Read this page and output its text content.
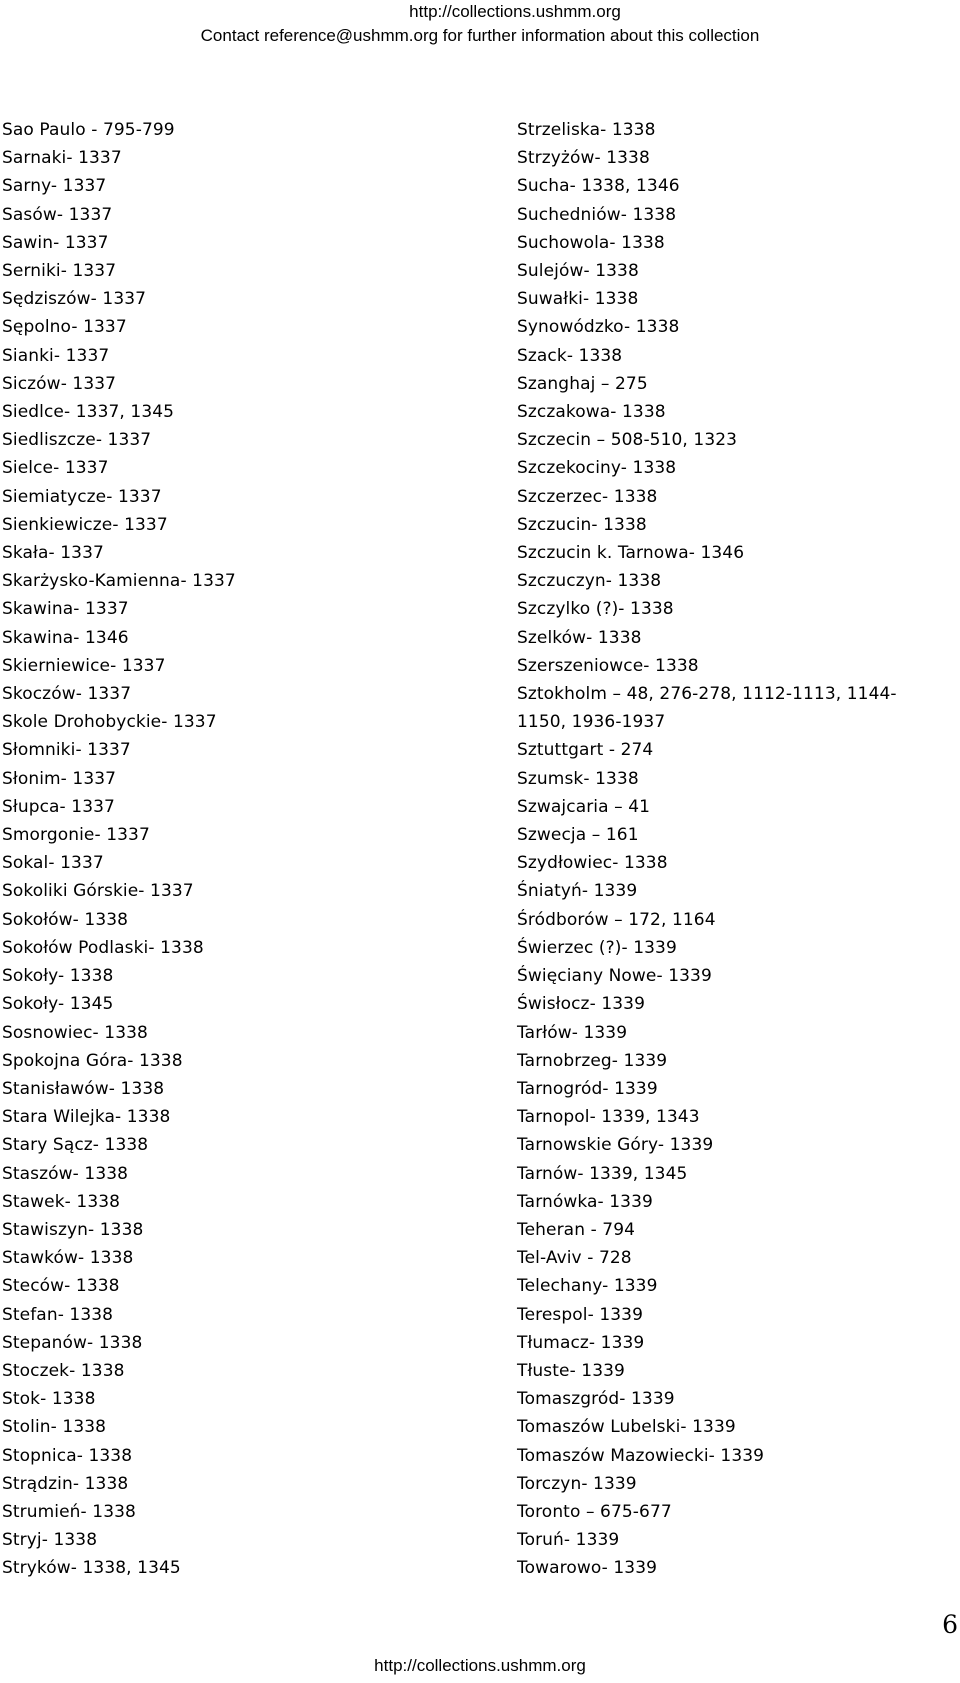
http://collections.ushmm.org
Contact reference@ushmm.org for further information about this collection
Sao Paulo - 795-799
Sarnaki- 1337
Sarny- 1337
Sasów- 1337
Sawin- 1337
Serniki- 1337
Sędziszów- 1337
Sępolno- 1337
Sianki- 1337
Siczów- 1337
Siedlce- 1337, 1345
Siedliszcze- 1337
Sielce- 1337
Siemiatycze- 1337
Sienkiewicze- 1337
Skała- 1337
Skarżysko-Kamienna- 1337
Skawina- 1337
Skawina- 1346
Skierniewice- 1337
Skoczów- 1337
Skole Drohobyckie- 1337
Słomniki- 1337
Słonim- 1337
Słupca- 1337
Smorgonie- 1337
Sokal- 1337
Sokoliki Górskie- 1337
Sokołów- 1338
Sokołów Podlaski- 1338
Sokoły- 1338
Sokoły- 1345
Sosnowiec- 1338
Spokojna Góra- 1338
Stanisławów- 1338
Stara Wilejka- 1338
Stary Sącz- 1338
Staszów- 1338
Stawek- 1338
Stawiszyn- 1338
Stawków- 1338
Steców- 1338
Stefan- 1338
Stepanów- 1338
Stoczek- 1338
Stok- 1338
Stolin- 1338
Stopnica- 1338
Strądzin- 1338
Strumień- 1338
Stryj- 1338
Stryków- 1338, 1345
Strzeliska- 1338
Strzyżów- 1338
Sucha- 1338, 1346
Suchedniów- 1338
Suchowola- 1338
Sulejów- 1338
Suwałki- 1338
Synowódzko- 1338
Szack- 1338
Szanghaj – 275
Szczakowa- 1338
Szczecin – 508-510, 1323
Szczekociny- 1338
Szczerzec- 1338
Szczucin- 1338
Szczucin k. Tarnowa- 1346
Szczuczyn- 1338
Szczylko (?)- 1338
Szelków- 1338
Szerszeniowce- 1338
Sztokholm – 48, 276-278, 1112-1113, 1144-
1150, 1936-1937
Sztuttgart - 274
Szumsk- 1338
Szwajcaria – 41
Szwecja – 161
Szydłowiec- 1338
Śniatyń- 1339
Śródborów – 172, 1164
Świerzec (?)- 1339
Święciany Nowe- 1339
Świsłocz- 1339
Tarłów- 1339
Tarnobrzeg- 1339
Tarnogród- 1339
Tarnopol- 1339, 1343
Tarnowskie Góry- 1339
Tarnów- 1339, 1345
Tarnówka- 1339
Teheran - 794
Tel-Aviv - 728
Telechany- 1339
Terespol- 1339
Tłumacz- 1339
Tłuste- 1339
Tomaszgród- 1339
Tomaszów Lubelski- 1339
Tomaszów Mazowiecki- 1339
Torczyn- 1339
Toronto – 675-677
Toruń- 1339
Towarowo- 1339
6
http://collections.ushmm.org
